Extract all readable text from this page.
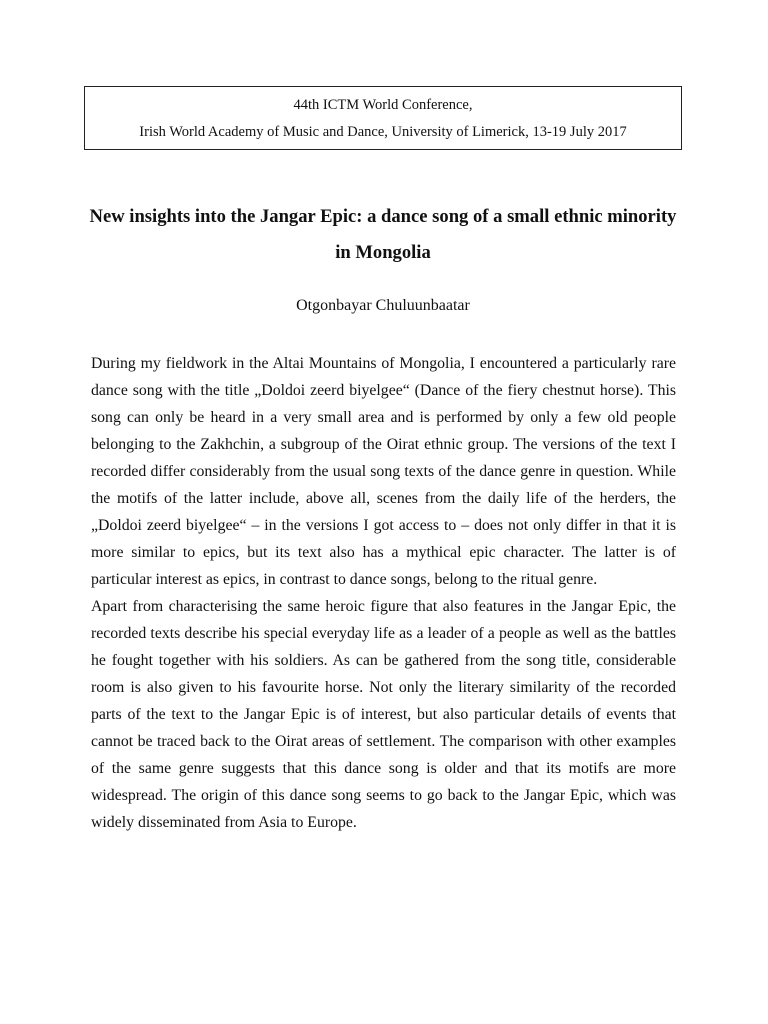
44th ICTM World Conference,
Irish World Academy of Music and Dance, University of Limerick, 13-19 July 2017
New insights into the Jangar Epic: a dance song of a small ethnic minority in Mongolia

Otgonbayar Chuluunbaatar

During my fieldwork in the Altai Mountains of Mongolia, I encountered a particularly rare dance song with the title „Doldoi zeerd biyelgee“ (Dance of the fiery chestnut horse). This song can only be heard in a very small area and is performed by only a few old people belonging to the Zakhchin, a subgroup of the Oirat ethnic group. The versions of the text I recorded differ considerably from the usual song texts of the dance genre in question. While the motifs of the latter include, above all, scenes from the daily life of the herders, the „Doldoi zeerd biyelgee“ – in the versions I got access to – does not only differ in that it is more similar to epics, but its text also has a mythical epic character. The latter is of particular interest as epics, in contrast to dance songs, belong to the ritual genre.

Apart from characterising the same heroic figure that also features in the Jangar Epic, the recorded texts describe his special everyday life as a leader of a people as well as the battles he fought together with his soldiers. As can be gathered from the song title, considerable room is also given to his favourite horse. Not only the literary similarity of the recorded parts of the text to the Jangar Epic is of interest, but also particular details of events that cannot be traced back to the Oirat areas of settlement. The comparison with other examples of the same genre suggests that this dance song is older and that its motifs are more widespread. The origin of this dance song seems to go back to the Jangar Epic, which was widely disseminated from Asia to Europe.
